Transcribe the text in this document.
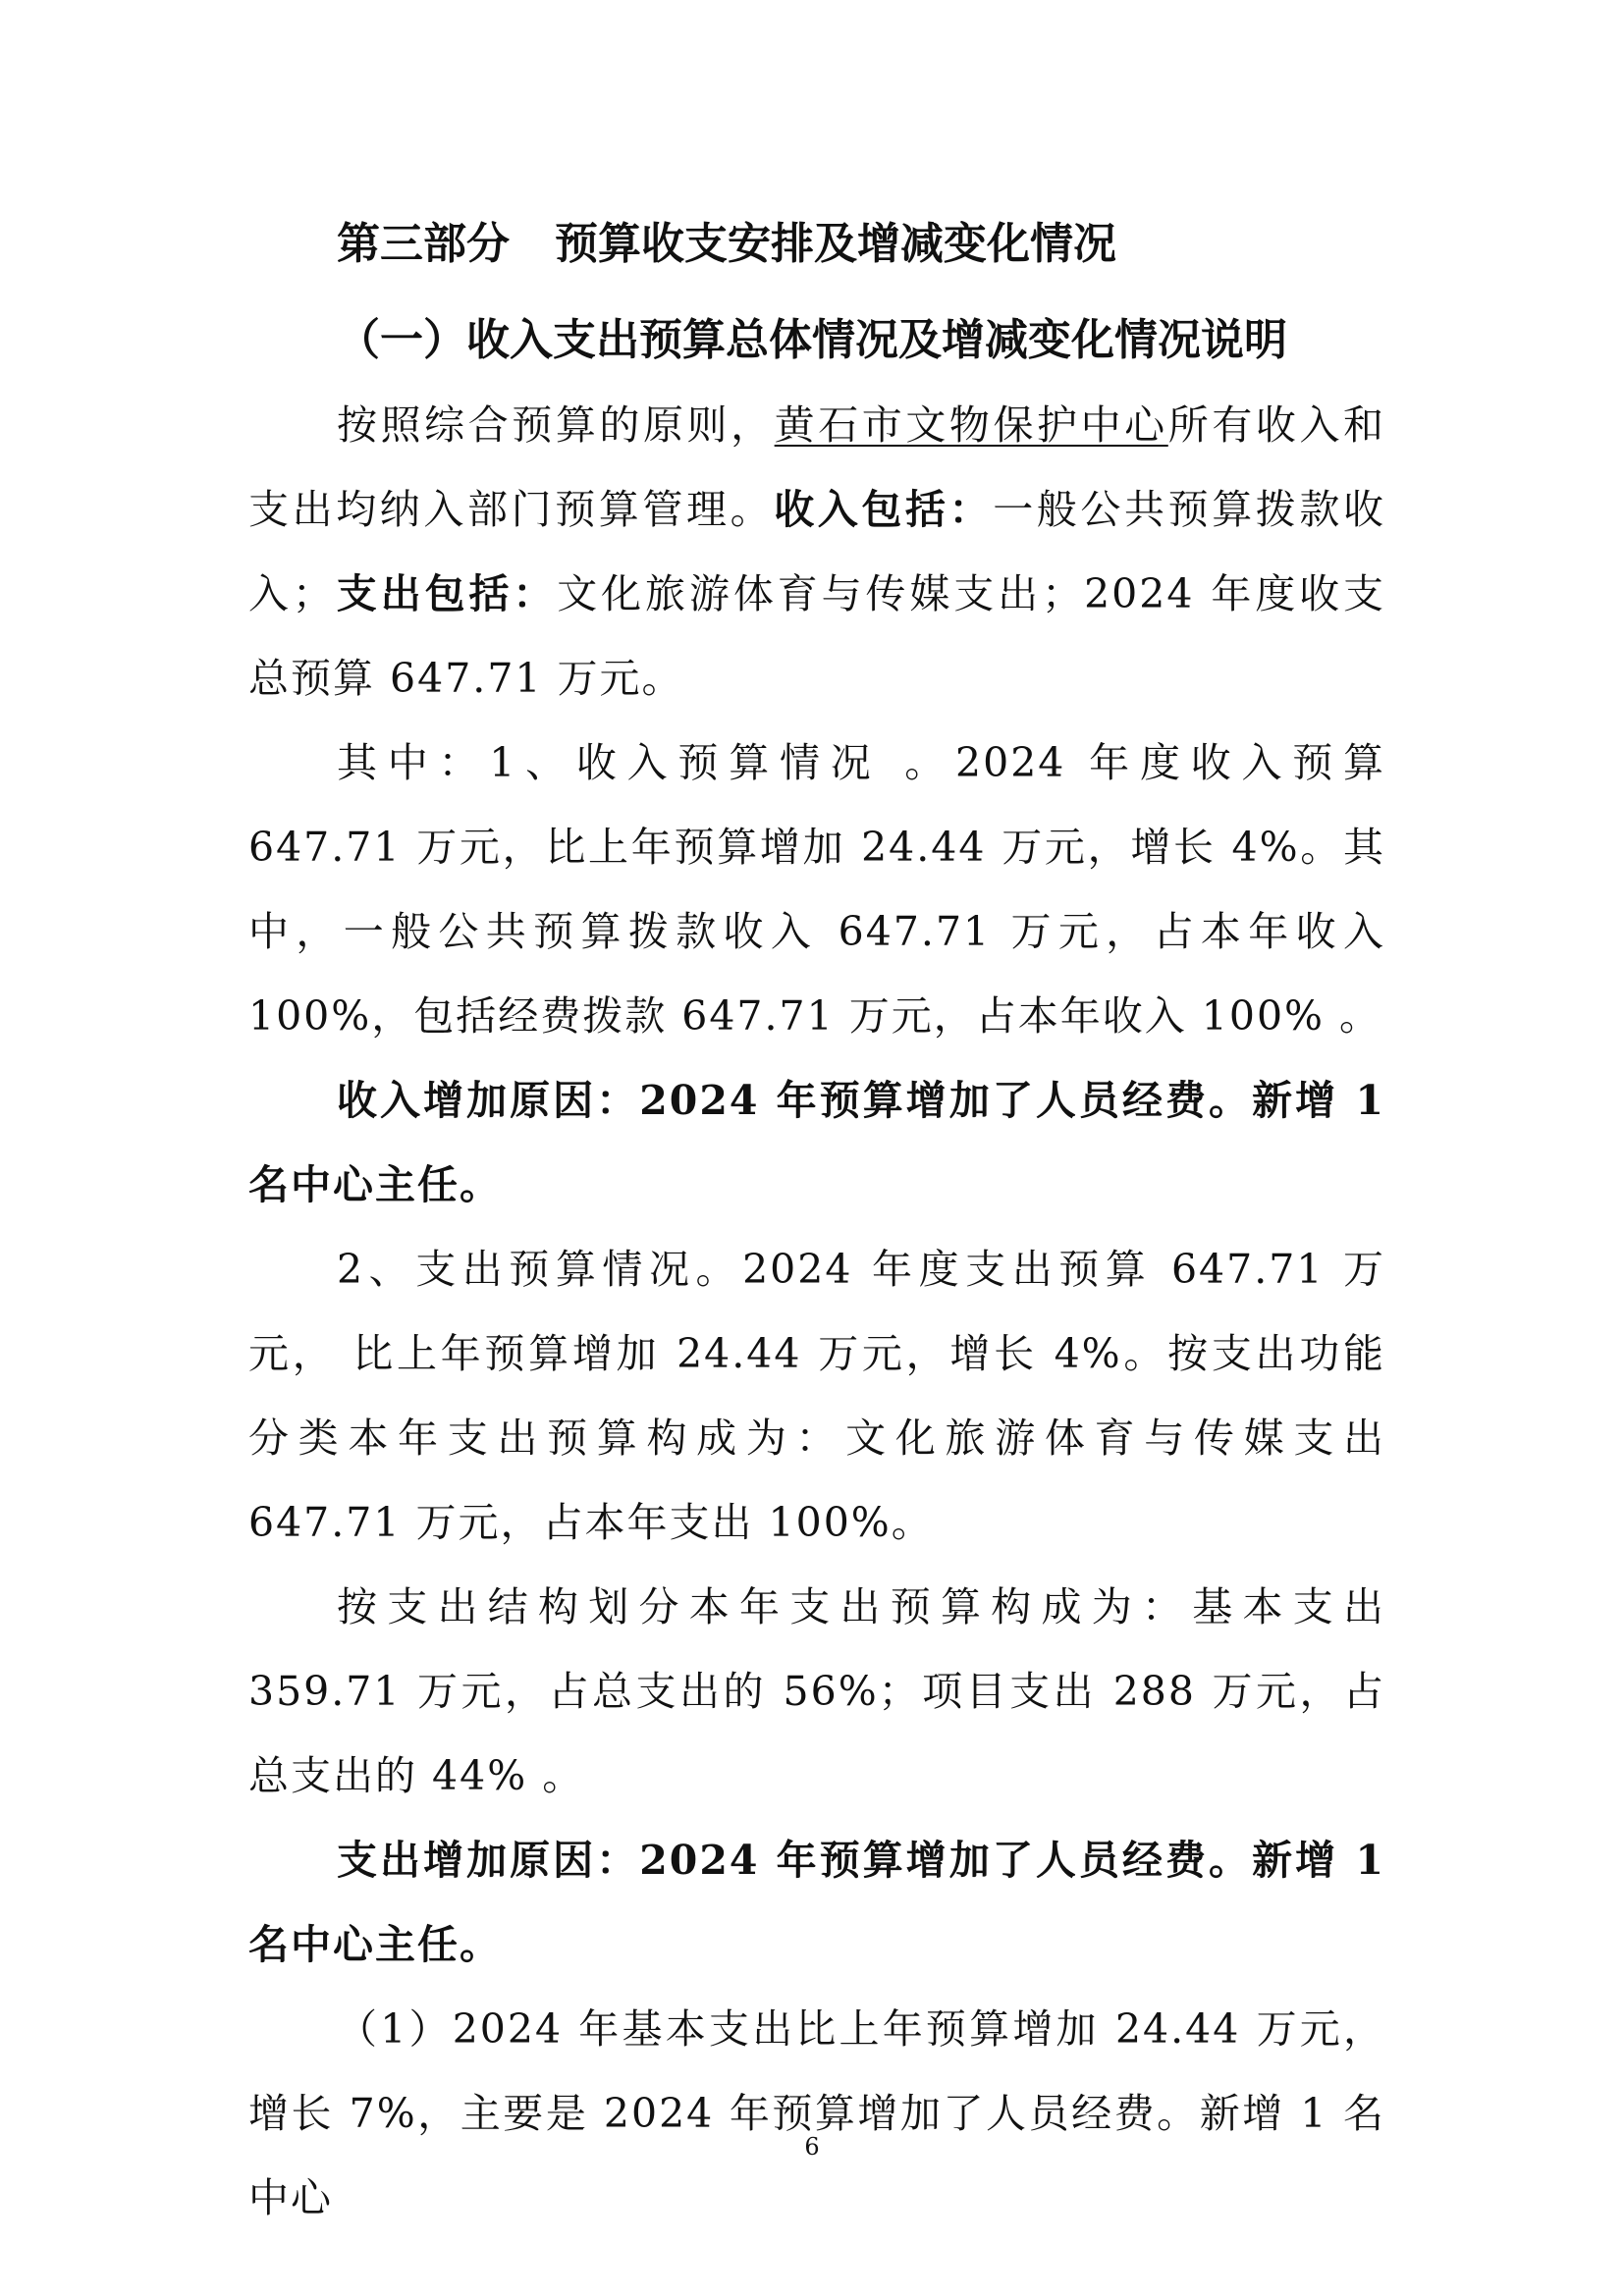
第三部分 预算收支安排及增减变化情况
（一）收入支出预算总体情况及增减变化情况说明

按照综合预算的原则，黄石市文物保护中心所有收入和支出均纳入部门预算管理。收入包括：一般公共预算拨款收入；支出包括：文化旅游体育与传媒支出；2024 年度收支总预算 647.71 万元。

其中：1、收入预算情况 。2024 年度收入预算 647.71 万元，比上年预算增加 24.44 万元，增长 4%。其中，一般公共预算拨款收入 647.71 万元，占本年收入 100%，包括经费拨款 647.71 万元，占本年收入 100% 。

收入增加原因：2024 年预算增加了人员经费。新增 1 名中心主任。

2、支出预算情况。2024 年度支出预算 647.71 万元， 比上年预算增加 24.44 万元，增长 4%。按支出功能分类本年支出预算构成为：文化旅游体育与传媒支出 647.71 万元，占本年支出 100%。

按支出结构划分本年支出预算构成为：基本支出 359.71 万元，占总支出的 56%；项目支出 288 万元，占总支出的 44% 。

支出增加原因：2024 年预算增加了人员经费。新增 1 名中心主任。

（1）2024 年基本支出比上年预算增加 24.44 万元，增长 7%，主要是 2024 年预算增加了人员经费。新增 1 名中心

6
